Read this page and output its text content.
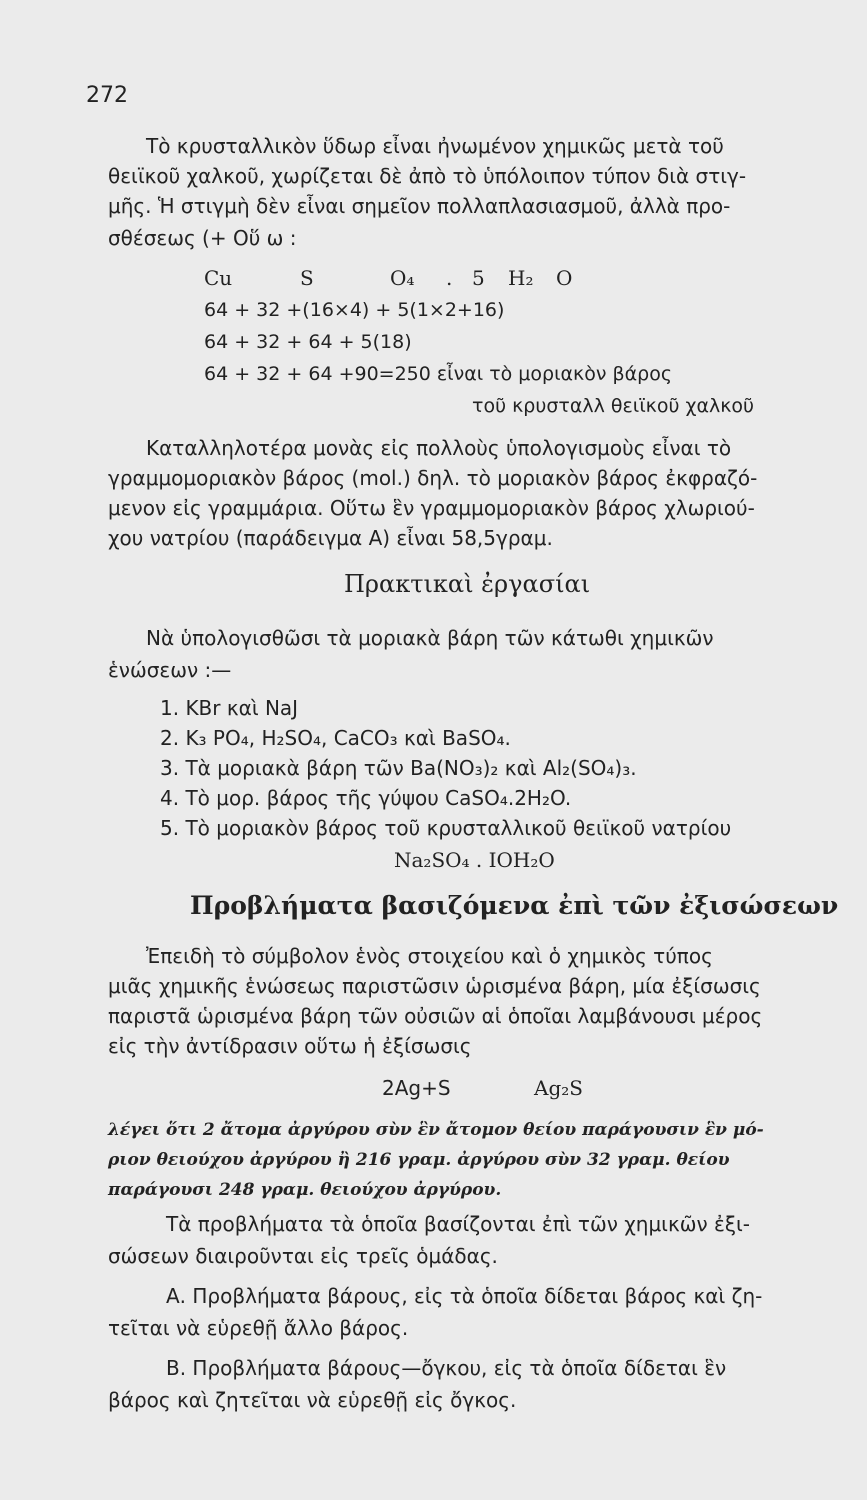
272
Τὸ κρυσταλλικὸν ὕδωρ εἶναι ἠνωμένον χημικῶς μετὰ τοῦ
θειϊκοῦ χαλκοῦ, χωρίζεται δὲ ἀπὸ τὸ ὑπόλοιπον τύπον διὰ στιγ-
μῆς. Ἡ στιγμὴ δὲν εἶναι σημεῖον πολλαπλασιασμοῦ, ἀλλὰ προ-
σθέσεως (+ Οὕ ω :
Cu	S	O₄ . 5 H₂ O
64 + 32 +(16×4) + 5(1×2+16)
64 + 32 + 64 + 5(18)
64 + 32 + 64 +90=250 εἶναι τὸ μοριακὸν βάρος
τοῦ κρυσταλλ θειϊκοῦ χαλκοῦ
Καταλληλοτέρα μονὰς εἰς πολλοὺς ὑπολογισμοὺς εἶναι τὸ
γραμμομοριακὸν βάρος (mol.) δηλ. τὸ μοριακὸν βάρος ἐκφραζό-
μενον εἰς γραμμάρια. Οὕτω ἓν γραμμομοριακὸν βάρος χλωριού-
χου νατρίου (παράδειγμα Α) εἶναι 58,5γραμ.
Πρακτικαὶ ἐργασίαι
Νὰ ὑπολογισθῶσι τὰ μοριακὰ βάρη τῶν κάτωθι χημικῶν
ἑνώσεων :—
1. KBr καὶ NaJ
2. K₃ PO₄, H₂SO₄, CaCO₃ καὶ BaSO₄.
3. Τὰ μοριακὰ βάρη τῶν Ba(NO₃)₂ καὶ Al₂(SO₄)₃.
4. Τὸ μορ. βάρος τῆς γύψου CaSO₄.2H₂O.
5. Τὸ μοριακὸν βάρος τοῦ κρυσταλλικοῦ θειϊκοῦ νατρίου
Na₂SO₄ . IOH₂O
Προβλήματα βασιζόμενα ἐπὶ τῶν ἐξισώσεων
Ἐπειδὴ τὸ σύμβολον ἑνὸς στοιχείου καὶ ὁ χημικὸς τύπος
μιᾶς χημικῆς ἑνώσεως παριστῶσιν ὡρισμένα βάρη, μία ἐξίσωσις
παριστᾶ ὡρισμένα βάρη τῶν οὐσιῶν αἱ ὁποῖαι λαμβάνουσι μέρος
εἰς τὴν ἀντίδρασιν οὕτω ἡ ἐξίσωσις
2Ag+S	Ag₂S
λέγει ὅτι 2 ἄτομα ἀργύρου σὺν ἓν ἄτομον θείου παράγουσιν ἓν μό-
ριον θειούχου ἀργύρου ἢ 216 γραμ. ἀργύρου σὺν 32 γραμ. θείου
παράγουσι 248 γραμ. θειούχου ἀργύρου.
Τὰ προβλήματα τὰ ὁποῖα βασίζονται ἐπὶ τῶν χημικῶν ἐξι-
σώσεων διαιροῦνται εἰς τρεῖς ὁμάδας.
Α. Προβλήματα βάρους, εἰς τὰ ὁποῖα δίδεται βάρος καὶ ζη-
τεῖται νὰ εὑρεθῇ ἄλλο βάρος.
Β. Προβλήματα βάρους—ὄγκου, εἰς τὰ ὁποῖα δίδεται ἓν
βάρος καὶ ζητεῖται νὰ εὑρεθῇ εἰς ὄγκος.
